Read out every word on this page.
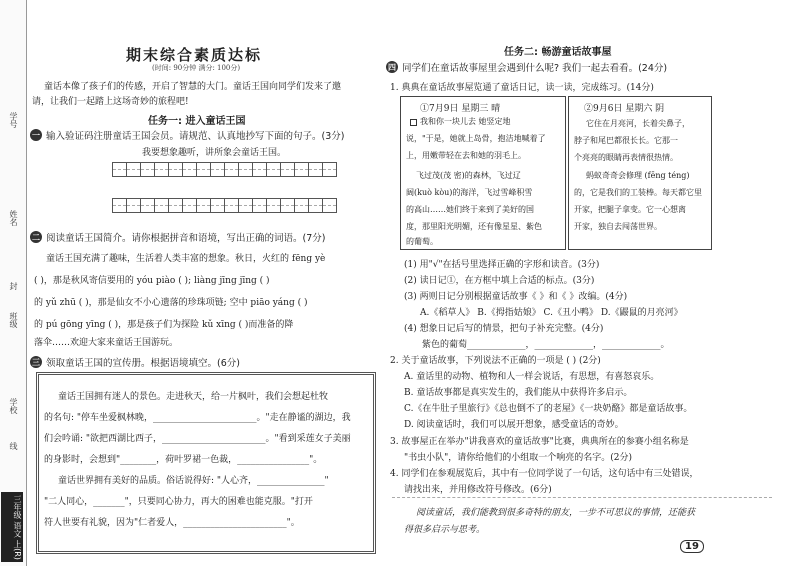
学号
姓名
封
班级
学校
线
三年级 语文 上(R)
期末综合素质达标
(时间: 90分钟 满分: 100分)
童话本像了孩子们的传感，开启了智慧的大门。童话王国向同学们发来了邀
请，让我们一起踏上这场奇妙的旅程吧!
任务一: 进入童话王国
一 输入验证码注册童话王国会员。请规范、认真地抄写下面的句子。(3分)
我要想象趣听，讲所象会童话王国。
二 阅读童话王国简介。请你根据拼音和语境，写出正确的词语。(7分)
童话王国充满了趣味，生活着人类丰富的想象。秋日，火红的 fēng yè
( )，那是秋风寄信要用的 yóu piào ( ); liàng jīng jīng ( )
的 yǔ zhū ( )，那是仙女不小心遗落的珍珠项链; 空中 piāo yáng ( )
的 pú gōng yīng ( )，那是孩子们为探险 kǔ xīng ( )而准备的降
落伞……欢迎大家来童话王国游玩。
三 领取童话王国的宣传册。根据语境填空。(6分)
童话王国拥有迷人的景色。走进秋天，给一片枫叶，我们会想起杜牧
的名句: "停车坐爱枫林晚，_______________________。"走在静谧的湖边，我
们会吟诵: "欲把西湖比西子，_______________________。"看到采莲女子美丽
的身影时，会想到"________，荷叶罗裙一色裁，________________"。
童话世界拥有美好的品质。俗话说得好: "人心齐，_______________"
"二人同心，_______"，只要同心协力，再大的困难也能克服。"打开
符人世要有礼貌，因为"仁者爱人，_______________________"。
任务二: 畅游童话故事屋
四 同学们在童话故事屋里会遇到什么呢? 我们一起去看看。(24分)
1. 典典在童话故事屋览通了童话日记，读一读，完成练习。(14分)
①7月9日 星期三 晴
我和你一块儿去 她竖定地
说，"于是，她就上岛骨，抱洁地喊着了
上，用嫩带轻在去和她的羽毛上。
飞过茂(茂 密)的森林，飞过辽
阔(kuò kòu)的海洋，飞过雪峰积雪
的高山……她们终于来到了美好的国
度，那里阳光明媚，还有像星星、紫色
的葡萄。
②9月6日 星期六 阴
它住在月亮河，长着尖鼻子，
脖子和尾巴都很长长。它那一
个亮亮的眼睛再表情很热情。
蚂蚁奇奇会修理 (fēng téng)
的，它是我们的工装棒。每天都它里
开家，把腿子拿变。它一心想离
开家，独自去闯荡世界。
(1) 用"√"在括号里选择正确的字形和读音。(3分)
(2) 读日记①，在方框中填上合适的标点。(3分)
(3) 两则日记分别根据童话故事《 》和《 》改编。(4分)
A.《稻草人》 B.《拇指姑娘》 C.《丑小鸭》 D.《鼹鼠的月亮河》
(4) 想象日记后写的情景，把句子补充完整。(4分)
紫色的葡萄_____________，_____________，_____________。
2. 关于童话故事，下列说法不正确的一项是 ( ) (2分)
A. 童话里的动物、植物和人一样会说话，有思想，有喜怒哀乐。
B. 童话故事都是真实发生的，我们能从中获得许多启示。
C.《在牛肚子里旅行》《总也倒不了的老屋》《一块奶酪》都是童话故事。
D. 阅读童话时，我们可以展开想象，感受童话的奇妙。
3. 故事屋正在举办"讲我喜欢的童话故事"比赛，典典所在的参赛小组名称是
"书虫小队"，请你给他们的小组取一个响亮的名字。(2分)
4. 同学们在参观展览后，其中有一位同学说了一句话，这句话中有三处错误，
请找出来，并用修改符号修改。(6分)
阅读童话，我们能教到很多奇特的朋友，一步不可思议的事情，还能获
得很多启示与思考。
19
